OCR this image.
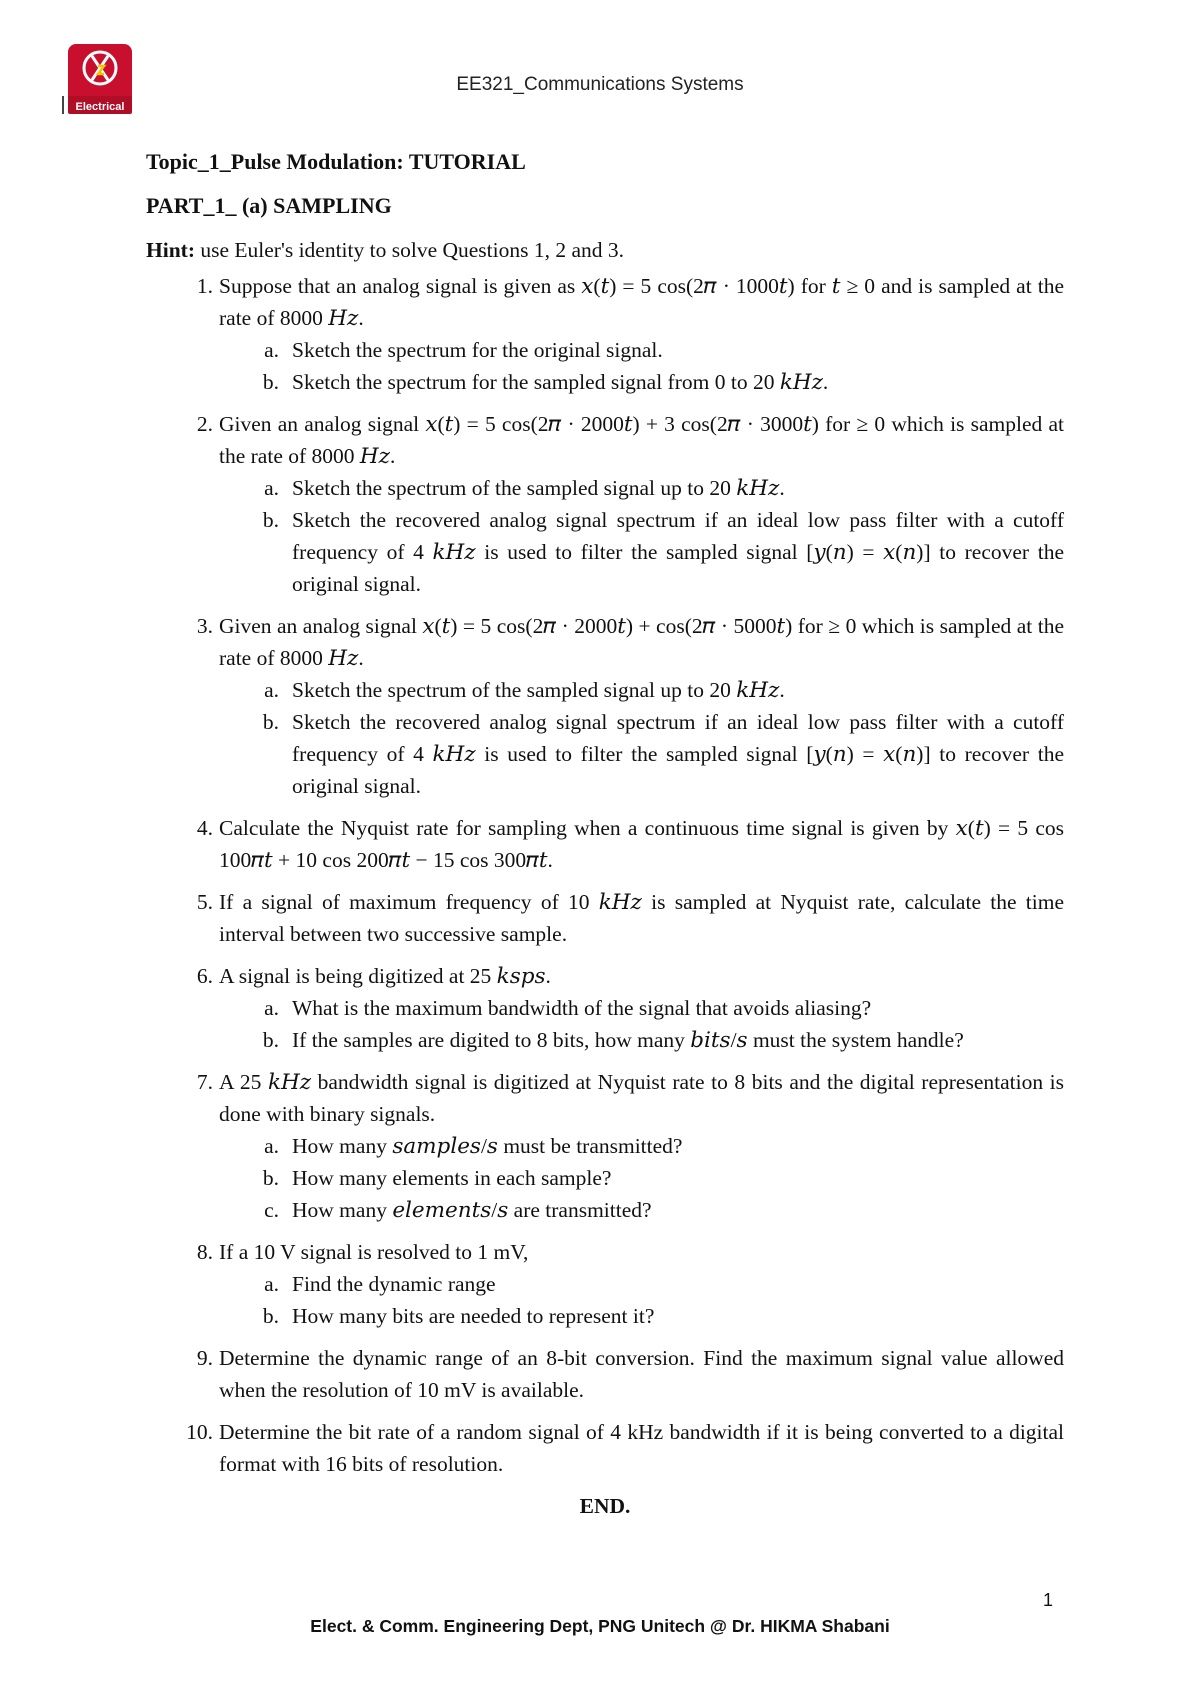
Electrical
EE321_Communications Systems
Topic_1_Pulse Modulation: TUTORIAL
PART_1_ (a) SAMPLING
Hint: use Euler's identity to solve Questions 1, 2 and 3.
1. Suppose that an analog signal is given as 𝑥(𝑡) = 5 cos(2𝜋 · 1000𝑡) for 𝑡 ≥ 0 and is sampled at the rate of 8000 𝐻𝑧.
a. Sketch the spectrum for the original signal.
b. Sketch the spectrum for the sampled signal from 0 to 20 𝑘𝐻𝑧.
2. Given an analog signal 𝑥(𝑡) = 5 cos(2𝜋 · 2000𝑡) + 3 cos(2𝜋 · 3000𝑡) for ≥ 0 which is sampled at the rate of 8000 𝐻𝑧.
a. Sketch the spectrum of the sampled signal up to 20 𝑘𝐻𝑧.
b. Sketch the recovered analog signal spectrum if an ideal low pass filter with a cutoff frequency of 4 𝑘𝐻𝑧 is used to filter the sampled signal [𝑦(𝑛) = 𝑥(𝑛)] to recover the original signal.
3. Given an analog signal 𝑥(𝑡) = 5 cos(2𝜋 · 2000𝑡) + cos(2𝜋 · 5000𝑡) for ≥ 0 which is sampled at the rate of 8000 𝐻𝑧.
a. Sketch the spectrum of the sampled signal up to 20 𝑘𝐻𝑧.
b. Sketch the recovered analog signal spectrum if an ideal low pass filter with a cutoff frequency of 4 𝑘𝐻𝑧 is used to filter the sampled signal [𝑦(𝑛) = 𝑥(𝑛)] to recover the original signal.
4. Calculate the Nyquist rate for sampling when a continuous time signal is given by 𝑥(𝑡) = 5 cos 100𝜋𝑡 + 10 cos 200𝜋𝑡 − 15 cos 300𝜋𝑡.
5. If a signal of maximum frequency of 10 𝑘𝐻𝑧 is sampled at Nyquist rate, calculate the time interval between two successive sample.
6. A signal is being digitized at 25 𝑘𝑠𝑝𝑠.
a. What is the maximum bandwidth of the signal that avoids aliasing?
b. If the samples are digited to 8 bits, how many 𝑏𝑖𝑡𝑠/𝑠 must the system handle?
7. A 25 𝑘𝐻𝑧 bandwidth signal is digitized at Nyquist rate to 8 bits and the digital representation is done with binary signals.
a. How many 𝑠𝑎𝑚𝑝𝑙𝑒𝑠/𝑠 must be transmitted?
b. How many elements in each sample?
c. How many 𝑒𝑙𝑒𝑚𝑒𝑛𝑡𝑠/𝑠 are transmitted?
8. If a 10 V signal is resolved to 1 mV,
a. Find the dynamic range
b. How many bits are needed to represent it?
9. Determine the dynamic range of an 8-bit conversion. Find the maximum signal value allowed when the resolution of 10 mV is available.
10. Determine the bit rate of a random signal of 4 kHz bandwidth if it is being converted to a digital format with 16 bits of resolution.
END.
1
Elect. & Comm. Engineering Dept, PNG Unitech @ Dr. HIKMA Shabani
